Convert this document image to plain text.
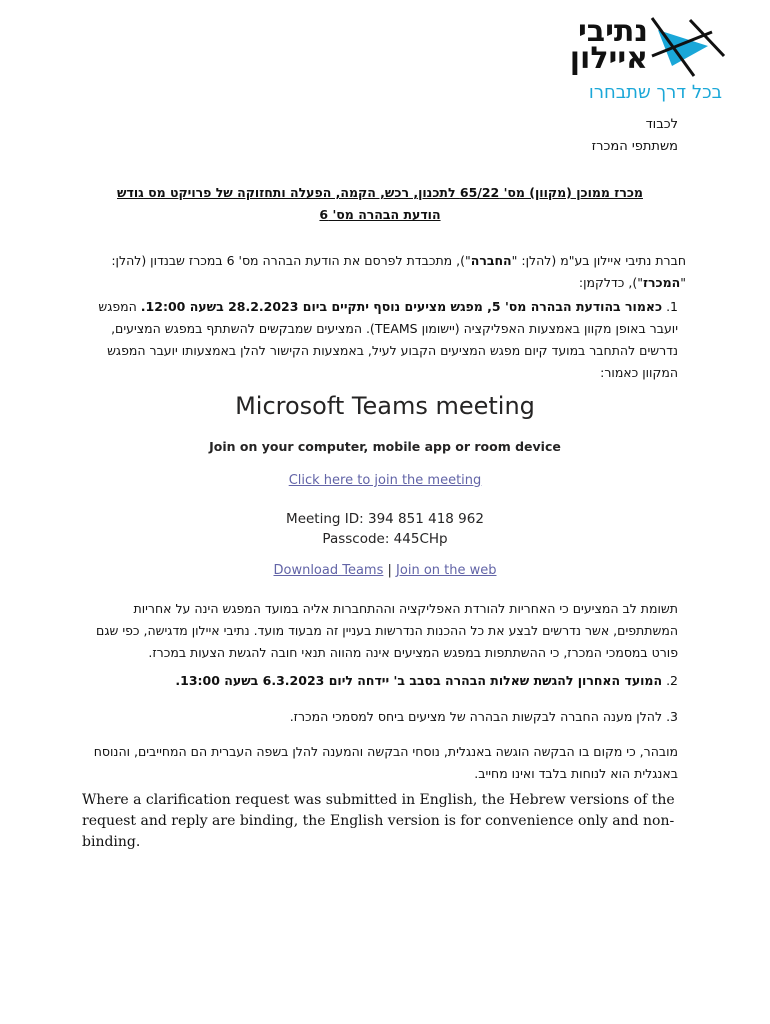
נתיבי
איילון
בכל דרך שתבחרו
לכבוד
משתתפי המכרז
מכרז ממוכן (מקוון) מס' 65/22 לתכנון, רכש, הקמה, הפעלה ותחזוקה של פרויקט מס גודש
הודעת הבהרה מס' 6
חברת נתיבי איילון בע"מ (להלן: "החברה"), מתכבדת לפרסם את הודעת הבהרה מס' 6 במכרז שבנדון (להלן: "המכרז"), כדלקמן:
1. כאמור בהודעת הבהרה מס' 5, מפגש מציעים נוסף יתקיים ביום 28.2.2023 בשעה 12:00. המפגש יועבר באופן מקוון באמצעות האפליקציה (יישומון TEAMS). המציעים שמבקשים להשתתף במפגש המציעים, נדרשים להתחבר במועד קיום מפגש המציעים הקבוע לעיל, באמצעות הקישור להלן באמצעותו יועבר המפגש המקוון כאמור:
Microsoft Teams meeting
Join on your computer, mobile app or room device
Click here to join the meeting
Meeting ID: 394 851 418 962
Passcode: 445CHp
Download Teams | Join on the web
תשומת לב המציעים כי האחריות להורדת האפליקציה וההתחברות אליה במועד המפגש הינה על אחריות המשתתפים, אשר נדרשים לבצע את כל ההכנות הנדרשות בעניין זה מבעוד מועד. נתיבי איילון מדגישה, כפי שגם פורט במסמכי המכרז, כי ההשתתפות במפגש המציעים אינה מהווה תנאי חובה להגשת הצעות במכרז.
2. המועד האחרון להגשת שאלות הבהרה בסבב ב' יידחה ליום 6.3.2023 בשעה 13:00.
3. להלן מענה החברה לבקשות הבהרה של מציעים ביחס למסמכי המכרז.
מובהר, כי מקום בו הבקשה הוגשה באנגלית, נוסחי הבקשה והמענה להלן בשפה העברית הם המחייבים, והנוסח באנגלית הוא לנוחות בלבד ואינו מחייב.
Where a clarification request was submitted in English, the Hebrew versions of the request and reply are binding, the English version is for convenience only and non-binding.
